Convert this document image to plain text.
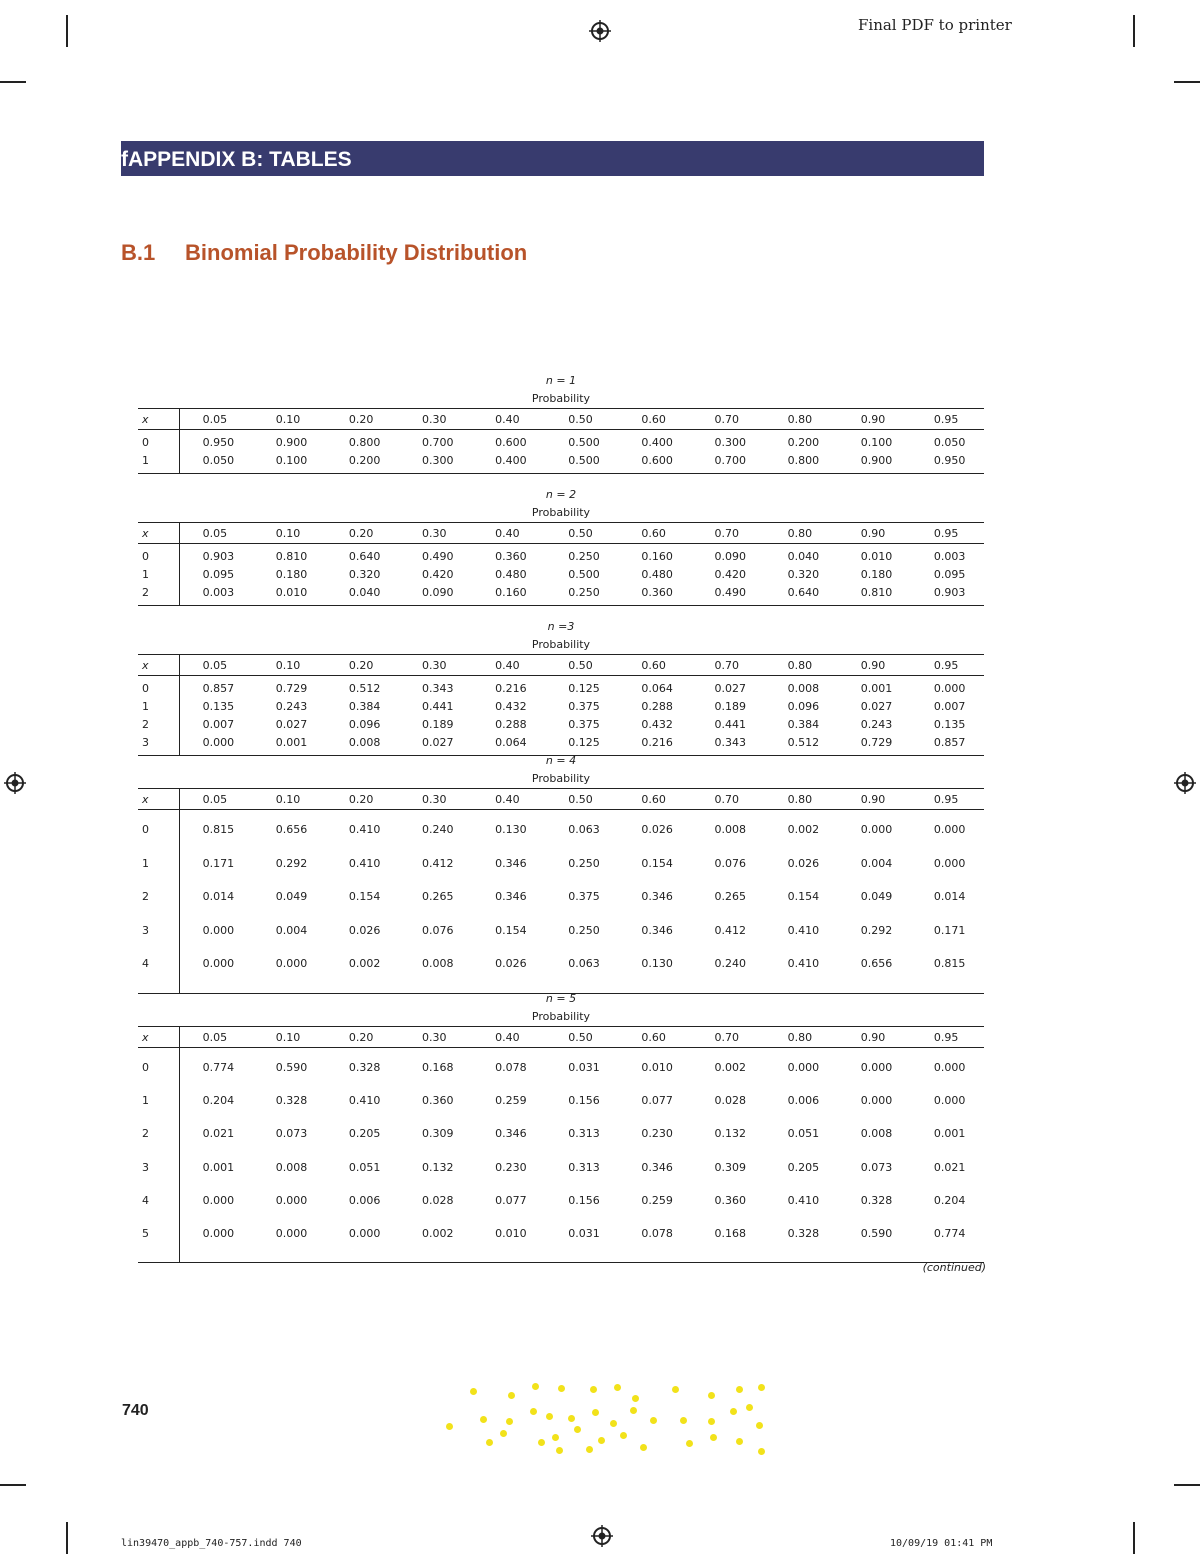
Final PDF to printer
fAPPENDIX B: TABLES
B.1 Binomial Probability Distribution
n = 1
Probability
x	0.05	0.10	0.20	0.30	0.40	0.50	0.60	0.70	0.80	0.90	0.95
0	0.950	0.900	0.800	0.700	0.600	0.500	0.400	0.300	0.200	0.100	0.050
1	0.050	0.100	0.200	0.300	0.400	0.500	0.600	0.700	0.800	0.900	0.950
n = 2
Probability
x	0.05	0.10	0.20	0.30	0.40	0.50	0.60	0.70	0.80	0.90	0.95
0	0.903	0.810	0.640	0.490	0.360	0.250	0.160	0.090	0.040	0.010	0.003
1	0.095	0.180	0.320	0.420	0.480	0.500	0.480	0.420	0.320	0.180	0.095
2	0.003	0.010	0.040	0.090	0.160	0.250	0.360	0.490	0.640	0.810	0.903
n =3
Probability
x	0.05	0.10	0.20	0.30	0.40	0.50	0.60	0.70	0.80	0.90	0.95
0	0.857	0.729	0.512	0.343	0.216	0.125	0.064	0.027	0.008	0.001	0.000
1	0.135	0.243	0.384	0.441	0.432	0.375	0.288	0.189	0.096	0.027	0.007
2	0.007	0.027	0.096	0.189	0.288	0.375	0.432	0.441	0.384	0.243	0.135
3	0.000	0.001	0.008	0.027	0.064	0.125	0.216	0.343	0.512	0.729	0.857
n = 4
Probability
x	0.05	0.10	0.20	0.30	0.40	0.50	0.60	0.70	0.80	0.90	0.95
0	0.815	0.656	0.410	0.240	0.130	0.063	0.026	0.008	0.002	0.000	0.000
1	0.171	0.292	0.410	0.412	0.346	0.250	0.154	0.076	0.026	0.004	0.000
2	0.014	0.049	0.154	0.265	0.346	0.375	0.346	0.265	0.154	0.049	0.014
3	0.000	0.004	0.026	0.076	0.154	0.250	0.346	0.412	0.410	0.292	0.171
4	0.000	0.000	0.002	0.008	0.026	0.063	0.130	0.240	0.410	0.656	0.815
n = 5
Probability
x	0.05	0.10	0.20	0.30	0.40	0.50	0.60	0.70	0.80	0.90	0.95
0	0.774	0.590	0.328	0.168	0.078	0.031	0.010	0.002	0.000	0.000	0.000
1	0.204	0.328	0.410	0.360	0.259	0.156	0.077	0.028	0.006	0.000	0.000
2	0.021	0.073	0.205	0.309	0.346	0.313	0.230	0.132	0.051	0.008	0.001
3	0.001	0.008	0.051	0.132	0.230	0.313	0.346	0.309	0.205	0.073	0.021
4	0.000	0.000	0.006	0.028	0.077	0.156	0.259	0.360	0.410	0.328	0.204
5	0.000	0.000	0.000	0.002	0.010	0.031	0.078	0.168	0.328	0.590	0.774
(continued)
740
lin39470_appb_740-757.indd 740	10/09/19 01:41 PM
